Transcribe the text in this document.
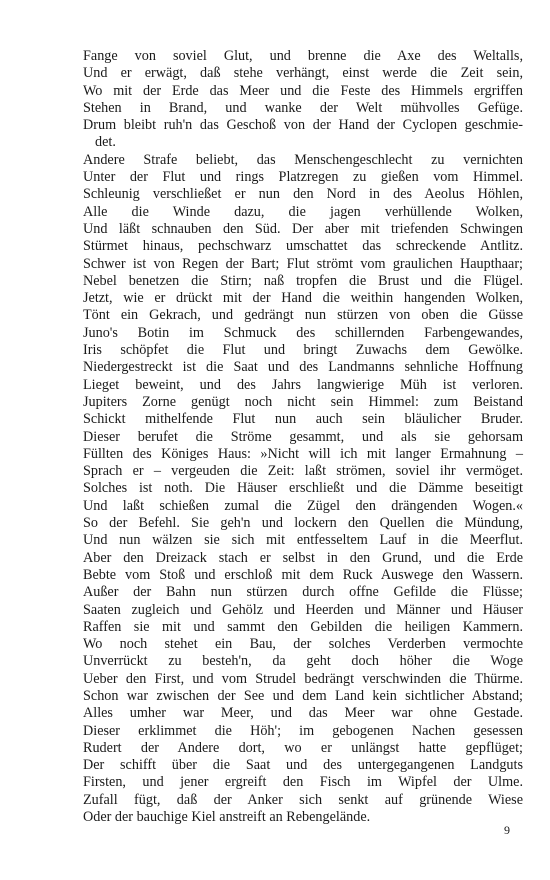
Fange von soviel Glut, und brenne die Axe des Weltalls,
Und er erwägt, daß stehe verhängt, einst werde die Zeit sein,
Wo mit der Erde das Meer und die Feste des Himmels ergriffen
Stehen in Brand, und wanke der Welt mühvolles Gefüge.
Drum bleibt ruh'n das Geschoß von der Hand der Cyclopen geschmie-
det.
Andere Strafe beliebt, das Menschengeschlecht zu vernichten
Unter der Flut und rings Platzregen zu gießen vom Himmel.
Schleunig verschließet er nun den Nord in des Aeolus Höhlen,
Alle die Winde dazu, die jagen verhüllende Wolken,
Und läßt schnauben den Süd. Der aber mit triefenden Schwingen
Stürmet hinaus, pechschwarz umschattet das schreckende Antlitz.
Schwer ist von Regen der Bart; Flut strömt vom graulichen Haupthaar;
Nebel benetzen die Stirn; naß tropfen die Brust und die Flügel.
Jetzt, wie er drückt mit der Hand die weithin hangenden Wolken,
Tönt ein Gekrach, und gedrängt nun stürzen von oben die Güsse
Juno's Botin im Schmuck des schillernden Farbengewandes,
Iris schöpfet die Flut und bringt Zuwachs dem Gewölke.
Niedergestreckt ist die Saat und des Landmanns sehnliche Hoffnung
Lieget beweint, und des Jahrs langwierige Müh ist verloren.
Jupiters Zorne genügt noch nicht sein Himmel: zum Beistand
Schickt mithelfende Flut nun auch sein bläulicher Bruder.
Dieser berufet die Ströme gesammt, und als sie gehorsam
Füllten des Königes Haus: »Nicht will ich mit langer Ermahnung –
Sprach er – vergeuden die Zeit: laßt strömen, soviel ihr vermöget.
Solches ist noth. Die Häuser erschließt und die Dämme beseitigt
Und laßt schießen zumal die Zügel den drängenden Wogen.«
So der Befehl. Sie geh'n und lockern den Quellen die Mündung,
Und nun wälzen sie sich mit entfesseltem Lauf in die Meerflut.
Aber den Dreizack stach er selbst in den Grund, und die Erde
Bebte vom Stoß und erschloß mit dem Ruck Auswege den Wassern.
Außer der Bahn nun stürzen durch offne Gefilde die Flüsse;
Saaten zugleich und Gehölz und Heerden und Männer und Häuser
Raffen sie mit und sammt den Gebilden die heiligen Kammern.
Wo noch stehet ein Bau, der solches Verderben vermochte
Unverrückt zu besteh'n, da geht doch höher die Woge
Ueber den First, und vom Strudel bedrängt verschwinden die Thürme.
Schon war zwischen der See und dem Land kein sichtlicher Abstand;
Alles umher war Meer, und das Meer war ohne Gestade.
Dieser erklimmet die Höh'; im gebogenen Nachen gesessen
Rudert der Andere dort, wo er unlängst hatte gepflüget;
Der schifft über die Saat und des untergegangenen Landguts
Firsten, und jener ergreift den Fisch im Wipfel der Ulme.
Zufall fügt, daß der Anker sich senkt auf grünende Wiese
Oder der bauchige Kiel anstreift an Rebengelände.
9
